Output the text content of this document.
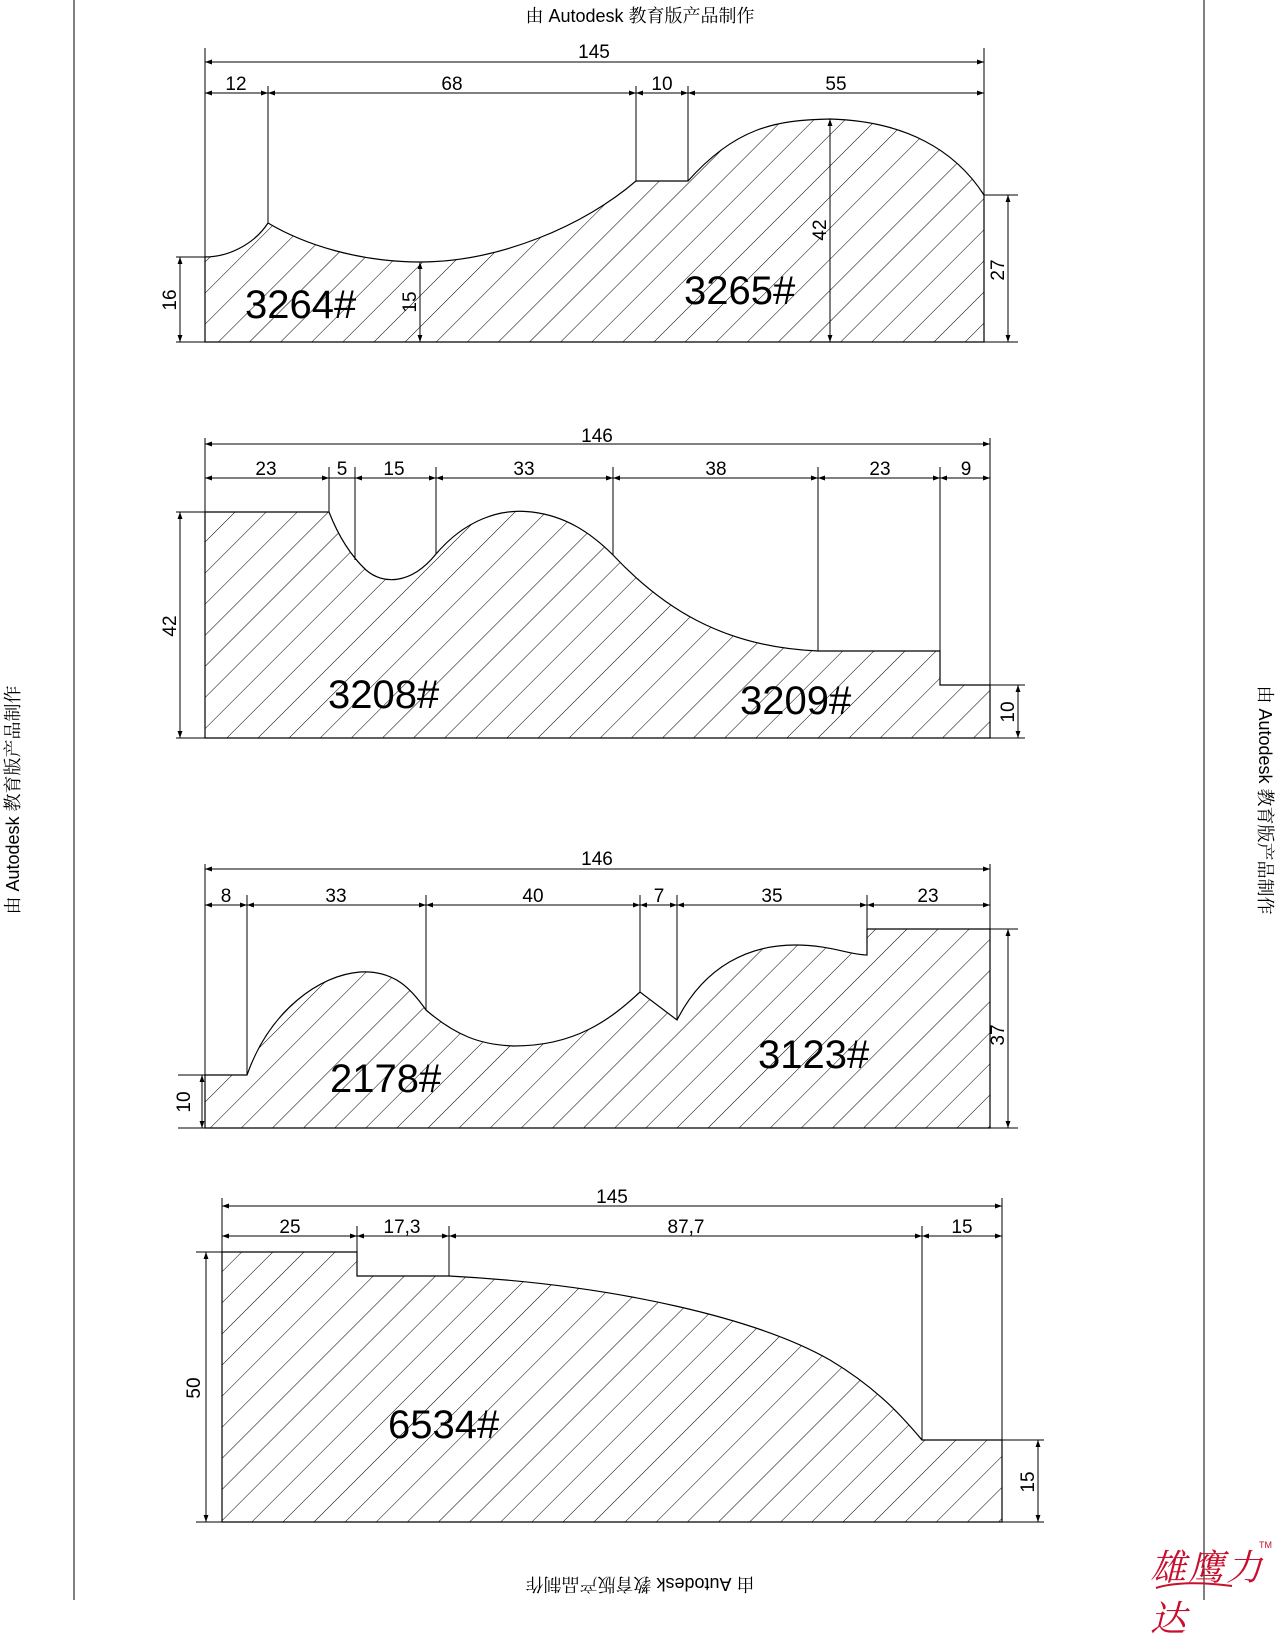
由 Autodesk 教育版产品制作
由 Autodesk 教育版产品制作
由 Autodesk 教育版产品制作	由 Autodesk 教育版产品制作
145
12	68	10	55
16	15
42
27
3264#	3265#
146
23	5 15	33	38	23	9
42
10
3208#	3209#
146
8	33	40	7	35	23
10
37
2178#
3123#
145
25	17,3	87,7	15
50
15
6534#
雄鹰力达
TM
